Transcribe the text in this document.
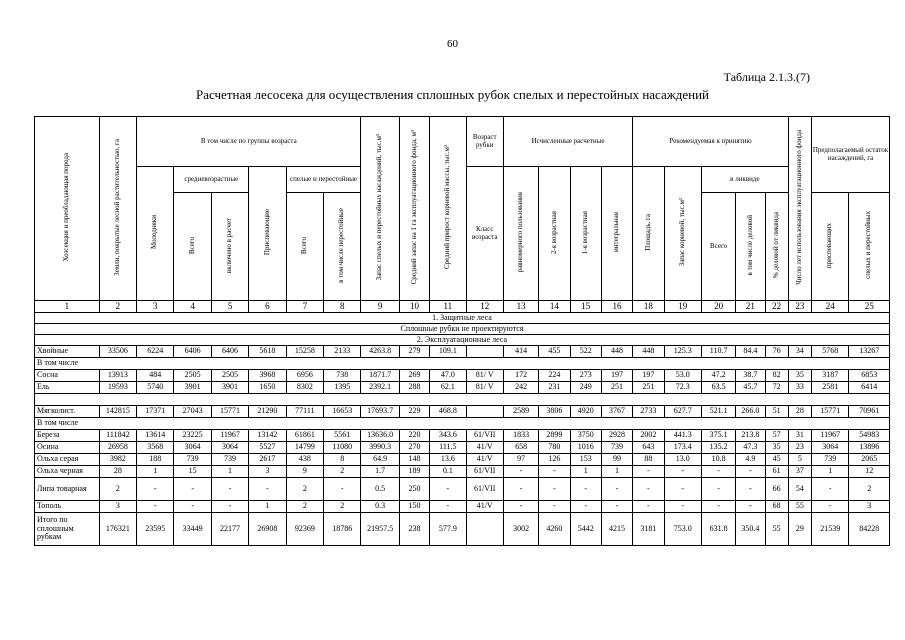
60
Таблица 2.1.3.(7)
Расчетная лесосека для осуществления сплошных рубок спелых и перестойных насаждений
Хозсекция и преобладающая порода	Земли, покрытые лесной растительностью, га	В том числе по группы возраста						Запас спелых и перестойных насаждений, тыс.м³	Средний запас на 1 га эксплуатационного фонда, м³	Средний прирост корневой массы, тыс.м³	Возраст рубки	Исчисленные расчетные				Рекомендуемая к принятию					Число лет использования эксплуатационного фонда	Предполагаемый остаток насаждений, га	
		Молодняки	средневозрастные		Приспевающие	спелые и перестойные					Класс возраста	равномерного пользования	2-я возрастная	1-я возрастная	интегральная	Площадь, га	Запас корневой, тыс.м³	в ликвиде					
			Всего	включено в расчет		Всего	в том числе перестойные											Всего	в том числе деловой	% деловой от ликвида		приспевающих	спелых и перестойных
1	2	3	4	5	6	7	8	9	10	11	12	13	14	15	16	18	19	20	21	22	23	24	25
1. Защитные леса																							
Сплошные рубки не проектируются																							
2. Эксплуатационные леса																							
Хвойные	33506	6224	6406	6406	5618	15258	2133	4263.8	279	109.1		414	455	522	448	448	125.3	110.7	84.4	76	34	5768	13267
В том числе																							
Сосна	13913	484	2505	2505	3968	6956	738	1871.7	269	47.0	81/ V	172	224	273	197	197	53.0	47.2	38.7	82	35	3187	6853
Ель	19593	5740	3901	3901	1650	8302	1395	2392.1	288	62.1	81/ V	242	231	249	251	251	72.3	63.5	45.7	72	33	2581	6414

Мягколист.	142815	17371	27043	15771	21290	77111	16653	17693.7	229	468.8		2589	3806	4920	3767	2733	627.7	521.1	266.0	51	28	15771	70961
В том числе																							
Береза	111842	13614	23225	11967	13142	61861	5561	13636.0	220	343.6	61/VII	1833	2899	3750	2928	2002	441.3	375.1	213.8	57	31	11967	54983
Осина	26958	3568	3064	3064	5527	14799	11080	3990.3	270	111.5	41/V	658	780	1016	739	643	173.4	135.2	47.3	35	23	3064	13896
Ольха серая	3982	188	739	739	2617	438	8	64.9	148	13.6	41/V	97	126	153	99	88	13.0	10.8	4.9	45	5	739	2065
Ольха черная	28	1	15	1	3	9	2	1.7	189	0.1	61/VII	-	-	1	1	-	-	-	-	61	37	1	12
Липа товарная	2	-	-	-	-	2	-	0.5	250	-	61/VII	-	-	-	-	-	-	-	-	66	54	-	2
Тополь	3	-	-	-	1	2	2	0.3	150	-	41/V	-	-	-	-	-	-	-	-	68	55	-	3
Итого по сплошным рубкам	176321	23595	33449	22177	26908	92369	18786	21957.5	238	577.9		3002	4260	5442	4215	3181	753.0	631.8	350.4	55	29	21539	84228
